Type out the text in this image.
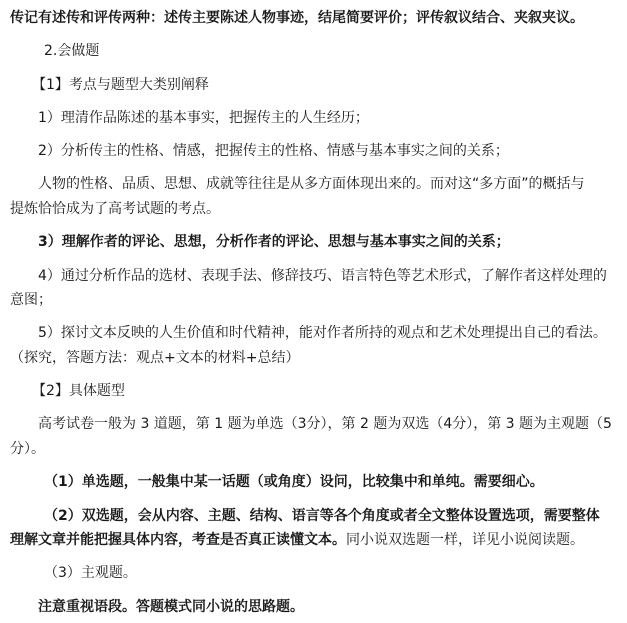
传记有述传和评传两种：述传主要陈述人物事迹，结尾简要评价；评传叙议结合、夹叙夹议。
2.会做题
【1】考点与题型大类别阐释
1）理清作品陈述的基本事实，把握传主的人生经历；
2）分析传主的性格、情感，把握传主的性格、情感与基本事实之间的关系；
人物的性格、品质、思想、成就等往往是从多方面体现出来的。而对这“多方面”的概括与
提炼恰恰成为了高考试题的考点。
3）理解作者的评论、思想，分析作者的评论、思想与基本事实之间的关系；
4）通过分析作品的选材、表现手法、修辞技巧、语言特色等艺术形式，了解作者这样处理的
意图；
5）探讨文本反映的人生价值和时代精神，能对作者所持的观点和艺术处理提出自己的看法。
（探究，答题方法：观点+文本的材料+总结）
【2】具体题型
高考试卷一般为 3 道题，第 1 题为单选（3分），第 2 题为双选（4分），第 3 题为主观题（5
分）。
（1）单选题，一般集中某一话题（或角度）设问，比较集中和单纯。需要细心。
（2）双选题，会从内容、主题、结构、语言等各个角度或者全文整体设置选项，需要整体
理解文章并能把握具体内容，考查是否真正读懂文本。同小说双选题一样，详见小说阅读题。
（3）主观题。
注意重视语段。答题模式同小说的思路题。
